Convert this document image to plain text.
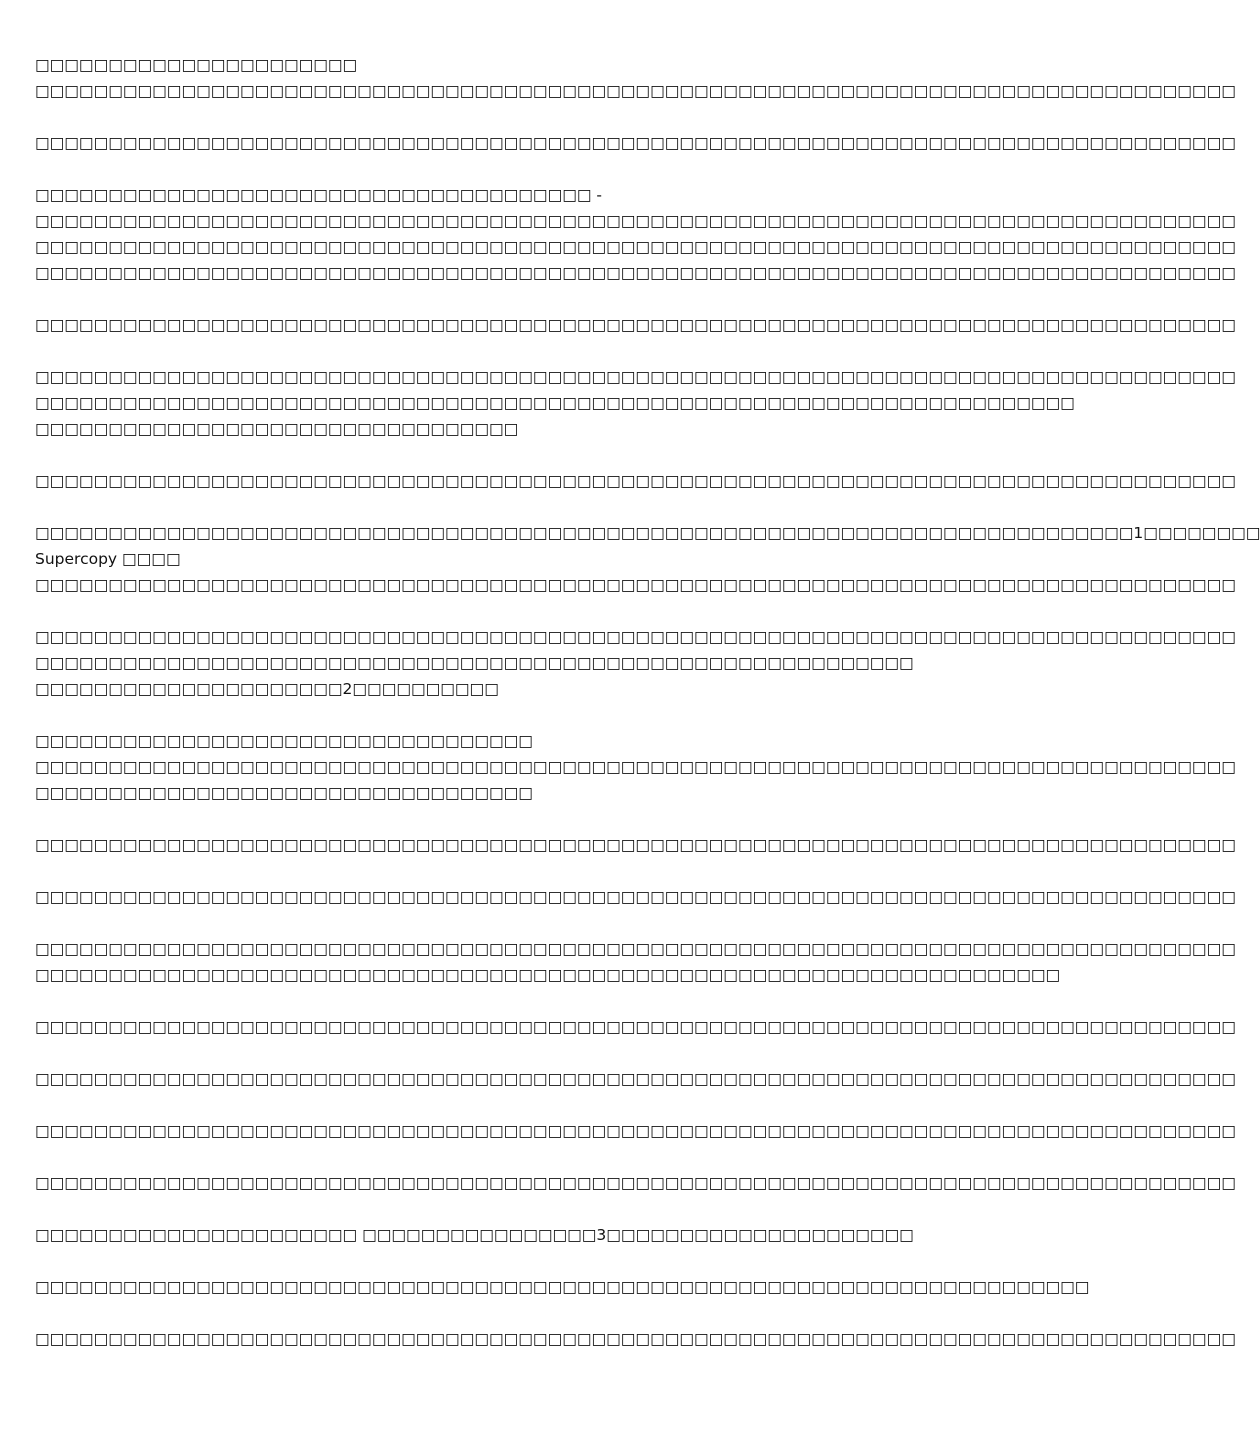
□□□□□□□□□□□□□□□□□□□□□□
□□□□□□□□□□□□□□□□□□□□□□□□□□□□□□□□□□□□□□□□□□□□□□□□□□□□□□□□□□□□□□□□□□□□□□□□□□□□□□□□□□

□□□□□□□□□□□□□□□□□□□□□□□□□□□□□□□□□□□□□□□□□□□□□□□□□□□□□□□□□□□□□□□□□□□□□□□□□□□□□□□□□□

□□□□□□□□□□□□□□□□□□□□□□□□□□□□□□□□□□□□□□ -
□□□□□□□□□□□□□□□□□□□□□□□□□□□□□□□□□□□□□□□□□□□□□□□□□□□□□□□□□□□□□□□□□□□□□□□□□□□□□□□□□□
□□□□□□□□□□□□□□□□□□□□□□□□□□□□□□□□□□□□□□□□□□□□□□□□□□□□□□□□□□□□□□□□□□□□□□□□□□□□□□□□□□
□□□□□□□□□□□□□□□□□□□□□□□□□□□□□□□□□□□□□□□□□□□□□□□□□□□□□□□□□□□□□□□□□□□□□□□□□□□□□□□□□□

□□□□□□□□□□□□□□□□□□□□□□□□□□□□□□□□□□□□□□□□□□□□□□□□□□□□□□□□□□□□□□□□□□□□□□□□□□□□□□□□□□

□□□□□□□□□□□□□□□□□□□□□□□□□□□□□□□□□□□□□□□□□□□□□□□□□□□□□□□□□□□□□□□□□□□□□□□□□□□□□□□□□□
□□□□□□□□□□□□□□□□□□□□□□□□□□□□□□□□□□□□□□□□□□□□□□□□□□□□□□□□□□□□□□□□□□□□□□□
□□□□□□□□□□□□□□□□□□□□□□□□□□□□□□□□□

□□□□□□□□□□□□□□□□□□□□□□□□□□□□□□□□□□□□□□□□□□□□□□□□□□□□□□□□□□□□□□□□□□□□□□□□□□□□□□□□□□

□□□□□□□□□□□□□□□□□□□□□□□□□□□□□□□□□□□□□□□□□□□□□□□□□□□□□□□□□□□□□□□□□□□□□□□□□□□1□□□□□□□□
Supercopy □□□□
□□□□□□□□□□□□□□□□□□□□□□□□□□□□□□□□□□□□□□□□□□□□□□□□□□□□□□□□□□□□□□□□□□□□□□□□□□□□□□□□□□

□□□□□□□□□□□□□□□□□□□□□□□□□□□□□□□□□□□□□□□□□□□□□□□□□□□□□□□□□□□□□□□□□□□□□□□□□□□□□□□□□□
□□□□□□□□□□□□□□□□□□□□□□□□□□□□□□□□□□□□□□□□□□□□□□□□□□□□□□□□□□□□
□□□□□□□□□□□□□□□□□□□□□2□□□□□□□□□□

□□□□□□□□□□□□□□□□□□□□□□□□□□□□□□□□□□
□□□□□□□□□□□□□□□□□□□□□□□□□□□□□□□□□□□□□□□□□□□□□□□□□□□□□□□□□□□□□□□□□□□□□□□□□□□□□□□□□□
□□□□□□□□□□□□□□□□□□□□□□□□□□□□□□□□□□

□□□□□□□□□□□□□□□□□□□□□□□□□□□□□□□□□□□□□□□□□□□□□□□□□□□□□□□□□□□□□□□□□□□□□□□□□□□□□□□□□□

□□□□□□□□□□□□□□□□□□□□□□□□□□□□□□□□□□□□□□□□□□□□□□□□□□□□□□□□□□□□□□□□□□□□□□□□□□□□□□□□□□

□□□□□□□□□□□□□□□□□□□□□□□□□□□□□□□□□□□□□□□□□□□□□□□□□□□□□□□□□□□□□□□□□□□□□□□□□□□□□□□□□□
□□□□□□□□□□□□□□□□□□□□□□□□□□□□□□□□□□□□□□□□□□□□□□□□□□□□□□□□□□□□□□□□□□□□□□

□□□□□□□□□□□□□□□□□□□□□□□□□□□□□□□□□□□□□□□□□□□□□□□□□□□□□□□□□□□□□□□□□□□□□□□□□□□□□□□□□□

□□□□□□□□□□□□□□□□□□□□□□□□□□□□□□□□□□□□□□□□□□□□□□□□□□□□□□□□□□□□□□□□□□□□□□□□□□□□□□□□□□

□□□□□□□□□□□□□□□□□□□□□□□□□□□□□□□□□□□□□□□□□□□□□□□□□□□□□□□□□□□□□□□□□□□□□□□□□□□□□□□□□□

□□□□□□□□□□□□□□□□□□□□□□□□□□□□□□□□□□□□□□□□□□□□□□□□□□□□□□□□□□□□□□□□□□□□□□□□□□□□□□□□□□

□□□□□□□□□□□□□□□□□□□□□□ □□□□□□□□□□□□□□□□3□□□□□□□□□□□□□□□□□□□□□

□□□□□□□□□□□□□□□□□□□□□□□□□□□□□□□□□□□□□□□□□□□□□□□□□□□□□□□□□□□□□□□□□□□□□□□□

□□□□□□□□□□□□□□□□□□□□□□□□□□□□□□□□□□□□□□□□□□□□□□□□□□□□□□□□□□□□□□□□□□□□□□□□□□□□□□□□□□
